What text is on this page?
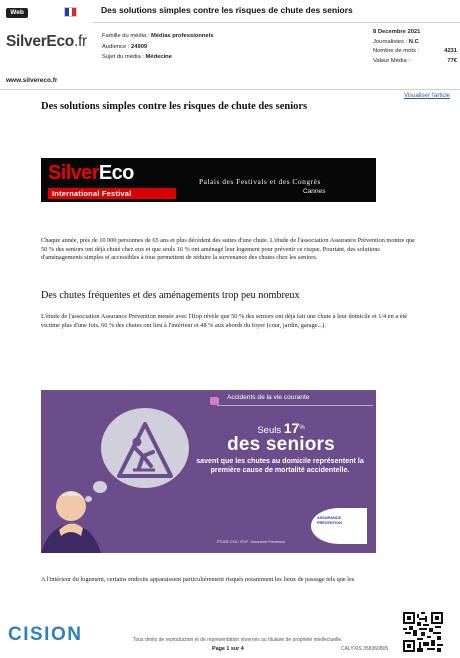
Web
SilverEco.fr
www.silvereco.fr
Des solutions simples contre les risques de chute des seniors
Famille du média : Médias professionnels
Audience : 24909
Sujet du média : Médecine
8 Decembre 2021
Journalistes : N.C
Nombre de mots :	4231
Valeur Média :	77€
Visualiser l'article
Des solutions simples contre les risques de chute des seniors
SilverEco
International Festival
Palais des Festivals et des Congrès
Cannes
Chaque année, près de 10 000 personnes de 65 ans et plus décèdent des suites d'une chute. L'étude de l'association Assurance Prévention montre que 50 % des seniors ont déjà chuté chez eux et que seuls 16 % ont aménagé leur logement pour prévenir ce risque. Pourtant, des solutions d'aménagements simples et accessibles à tous permettent de réduire la survenance des chutes chez les seniors.
Des chutes fréquentes et des aménagements trop peu nombreux
L'étude de l'association Assurance Prévention menée avec l'Ifop révèle que 50 % des seniors ont déjà fait une chute à leur domicile et 1/4 en a été victime plus d'une fois. 60 % des chutes ont lieu à l'intérieur et 48 % aux abords du foyer (cour, jardin, garage...).
Accidents de la vie courante
Seuls 17%
des seniors
savent que les chutes au domicile représentent la première cause de mortalité accidentelle.
ASSURANCE PRÉVENTION
ÉTUDE CSA / IFOP · Assurance Prévention
A l'intérieur du logement, certains endroits apparaissent particulièrement risqués notamment les lieux de passage tels que les
CISION	Tous droits de reproduction et de représentation réservés au titulaire de propriété intellectuelle.
Page 1 sur 4	CALYXIS 358360805
